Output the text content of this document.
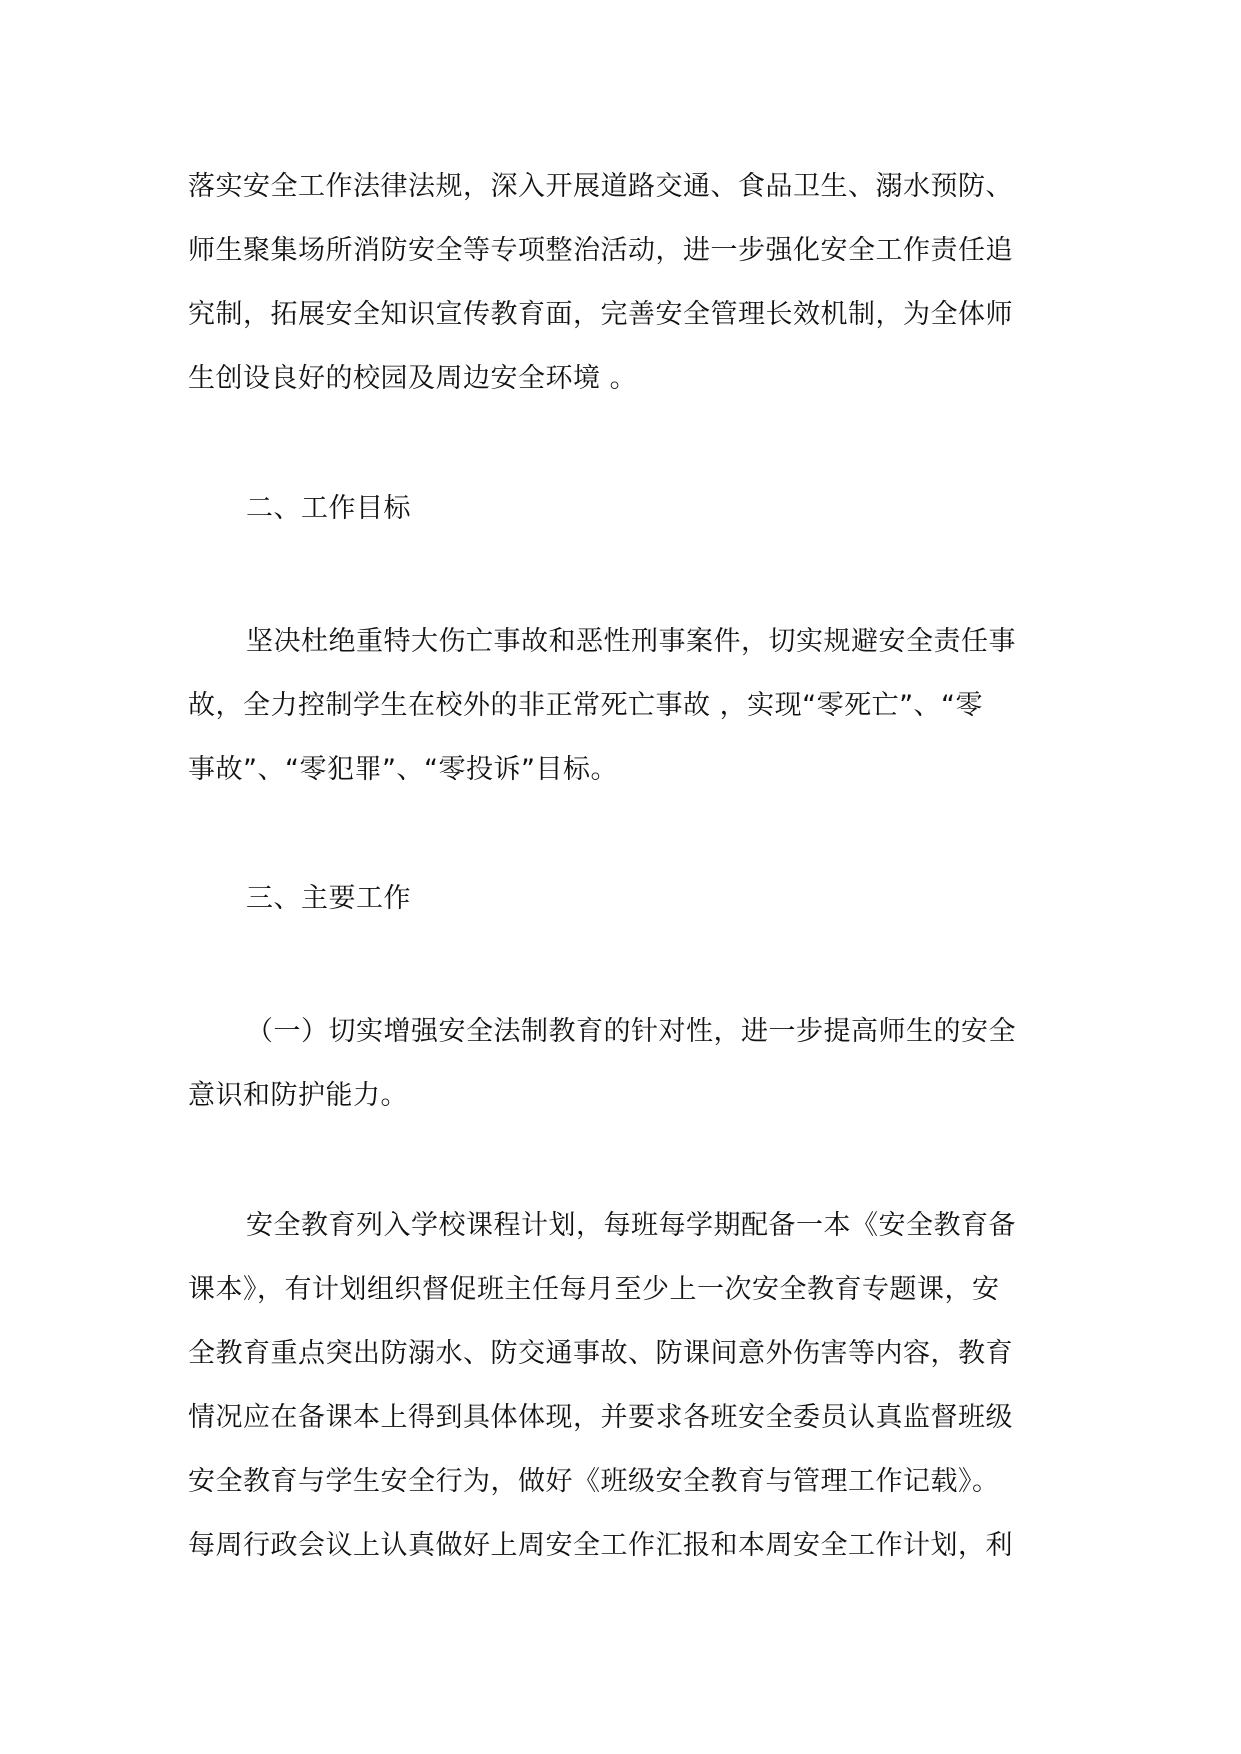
落实安全工作法律法规，深入开展道路交通、食品卫生、溺水预防、
师生聚集场所消防安全等专项整治活动，进一步强化安全工作责任追
究制，拓展安全知识宣传教育面，完善安全管理长效机制，为全体师
生创设良好的校园及周边安全环境 。
二、工作目标
坚决杜绝重特大伤亡事故和恶性刑事案件，切实规避安全责任事
故，全力控制学生在校外的非正常死亡事故 ，实现“零死亡”、“零
事故”、“零犯罪”、“零投诉”目标。
三、主要工作
（一）切实增强安全法制教育的针对性，进一步提高师生的安全
意识和防护能力。
安全教育列入学校课程计划，每班每学期配备一本《安全教育备
课本》，有计划组织督促班主任每月至少上一次安全教育专题课，安
全教育重点突出防溺水、防交通事故、防课间意外伤害等内容，教育
情况应在备课本上得到具体体现，并要求各班安全委员认真监督班级
安全教育与学生安全行为，做好《班级安全教育与管理工作记载》。
每周行政会议上认真做好上周安全工作汇报和本周安全工作计划，利
